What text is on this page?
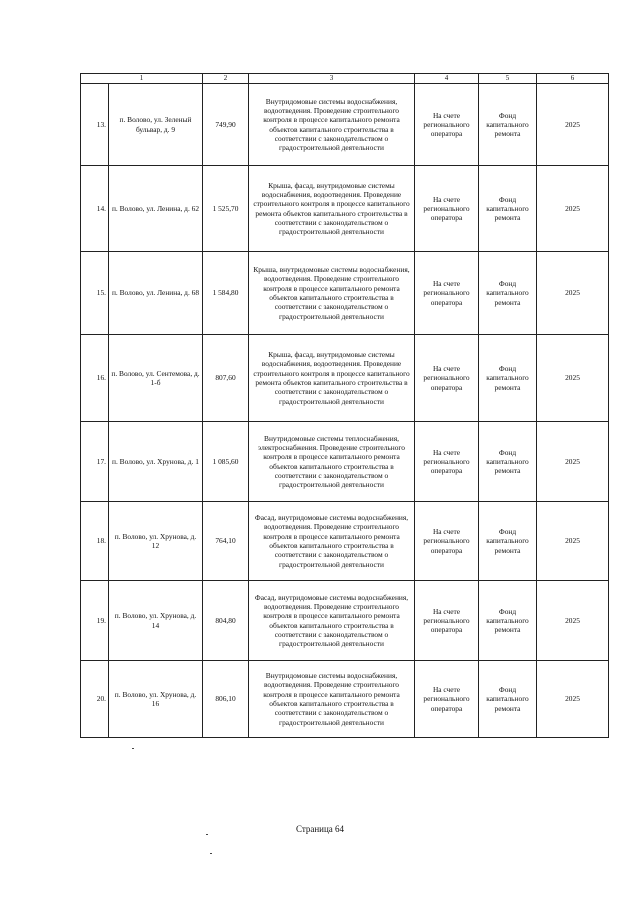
1		2	3	4	5	6
13.	п. Волово, ул. Зеленый бульвар, д. 9	749,90	Внутридомовые системы водоснабжения, водоотведения. Проведение строительного контроля в процессе капитального ремонта объектов капитального строительства в соответствии с законодательством о градостроительной деятельности	На счете регионального оператора	Фонд капитального ремонта	2025
14.	п. Волово, ул. Ленина, д. 62	1 525,70	Крыша, фасад, внутридомовые системы водоснабжения, водоотведения. Проведение строительного контроля в процессе капитального ремонта объектов капитального строительства в соответствии с законодательством о градостроительной деятельности	На счете регионального оператора	Фонд капитального ремонта	2025
15.	п. Волово, ул. Ленина, д. 68	1 584,80	Крыша, внутридомовые системы водоснабжения, водоотведения. Проведение строительного контроля в процессе капитального ремонта объектов капитального строительства в соответствии с законодательством о градостроительной деятельности	На счете регионального оператора	Фонд капитального ремонта	2025
16.	п. Волово, ул. Сентемова, д. 1-б	807,60	Крыша, фасад, внутридомовые системы водоснабжения, водоотведения. Проведение строительного контроля в процессе капитального ремонта объектов капитального строительства в соответствии с законодательством о градостроительной деятельности	На счете регионального оператора	Фонд капитального ремонта	2025
17.	п. Волово, ул. Хрунова, д. 1	1 085,60	Внутридомовые системы теплоснабжения, электроснабжения. Проведение строительного контроля в процессе капитального ремонта объектов капитального строительства в соответствии с законодательством о градостроительной деятельности	На счете регионального оператора	Фонд капитального ремонта	2025
18.	п. Волово, ул. Хрунова, д. 12	764,10	Фасад, внутридомовые системы водоснабжения, водоотведения. Проведение строительного контроля в процессе капитального ремонта объектов капитального строительства в соответствии с законодательством о градостроительной деятельности	На счете регионального оператора	Фонд капитального ремонта	2025
19.	п. Волово, ул. Хрунова, д. 14	804,80	Фасад, внутридомовые системы водоснабжения, водоотведения. Проведение строительного контроля в процессе капитального ремонта объектов капитального строительства в соответствии с законодательством о градостроительной деятельности	На счете регионального оператора	Фонд капитального ремонта	2025
20.	п. Волово, ул. Хрунова, д. 16	806,10	Внутридомовые системы водоснабжения, водоотведения. Проведение строительного контроля в процессе капитального ремонта объектов капитального строительства в соответствии с законодательством о градостроительной деятельности	На счете регионального оператора	Фонд капитального ремонта	2025
Страница 64
